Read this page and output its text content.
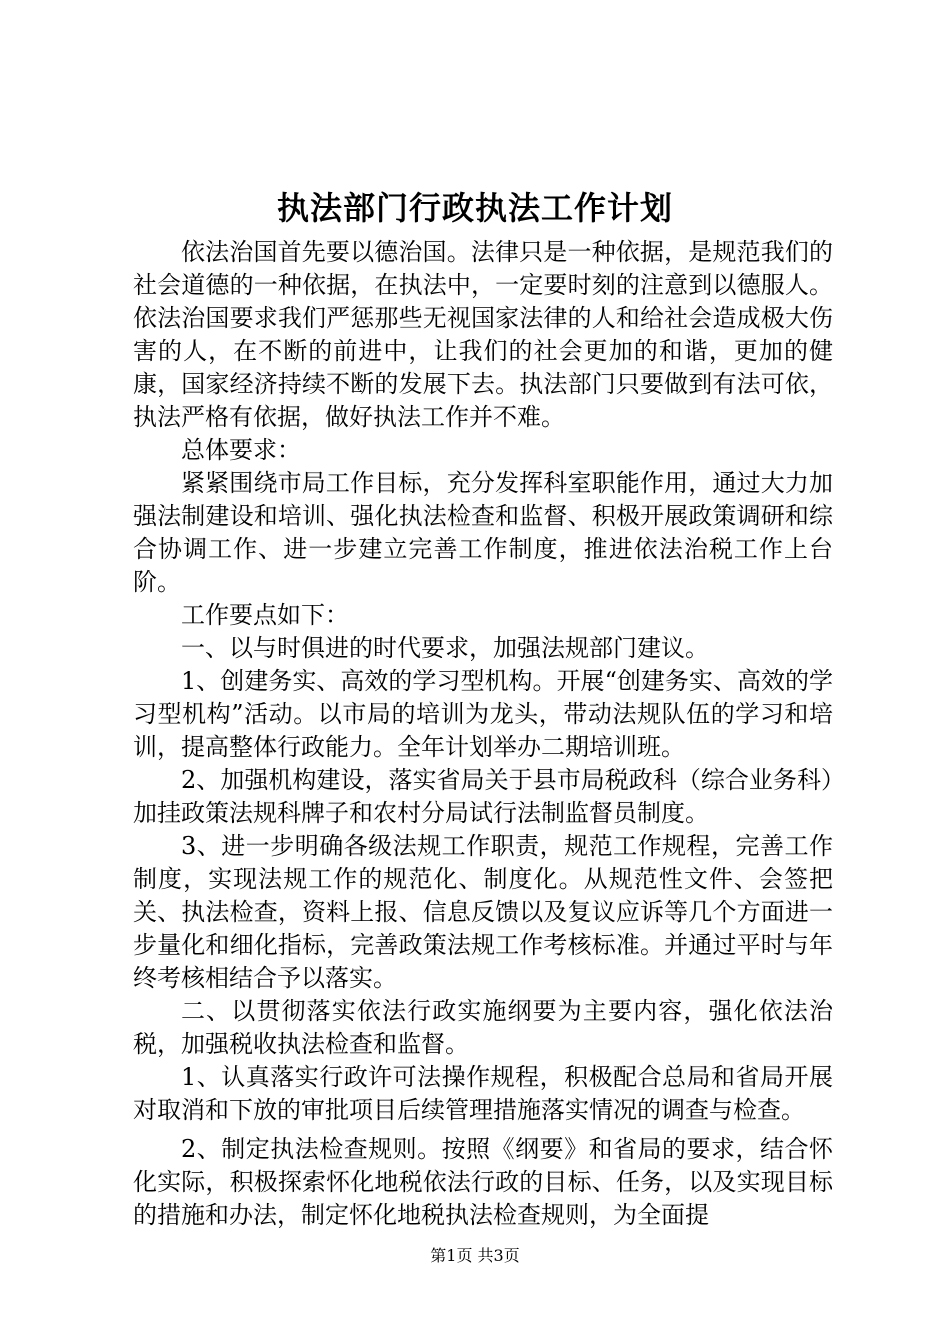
执法部门行政执法工作计划

依法治国首先要以德治国。法律只是一种依据，是规范我们的社会道德的一种依据，在执法中，一定要时刻的注意到以德服人。依法治国要求我们严惩那些无视国家法律的人和给社会造成极大伤害的人，在不断的前进中，让我们的社会更加的和谐，更加的健康，国家经济持续不断的发展下去。执法部门只要做到有法可依，执法严格有依据，做好执法工作并不难。

总体要求：

紧紧围绕市局工作目标，充分发挥科室职能作用，通过大力加强法制建设和培训、强化执法检查和监督、积极开展政策调研和综合协调工作、进一步建立完善工作制度，推进依法治税工作上台阶。

工作要点如下：

一、以与时俱进的时代要求，加强法规部门建议。

1、创建务实、高效的学习型机构。开展“创建务实、高效的学习型机构”活动。以市局的培训为龙头，带动法规队伍的学习和培训，提高整体行政能力。全年计划举办二期培训班。

2、加强机构建设，落实省局关于县市局税政科（综合业务科）加挂政策法规科牌子和农村分局试行法制监督员制度。

3、进一步明确各级法规工作职责，规范工作规程，完善工作制度，实现法规工作的规范化、制度化。从规范性文件、会签把关、执法检查，资料上报、信息反馈以及复议应诉等几个方面进一步量化和细化指标，完善政策法规工作考核标准。并通过平时与年终考核相结合予以落实。

二、以贯彻落实依法行政实施纲要为主要内容，强化依法治税，加强税收执法检查和监督。

1、认真落实行政许可法操作规程，积极配合总局和省局开展对取消和下放的审批项目后续管理措施落实情况的调查与检查。

2、制定执法检查规则。按照《纲要》和省局的要求，结合怀化实际，积极探索怀化地税依法行政的目标、任务，以及实现目标的措施和办法，制定怀化地税执法检查规则，为全面提

第1页 共3页
